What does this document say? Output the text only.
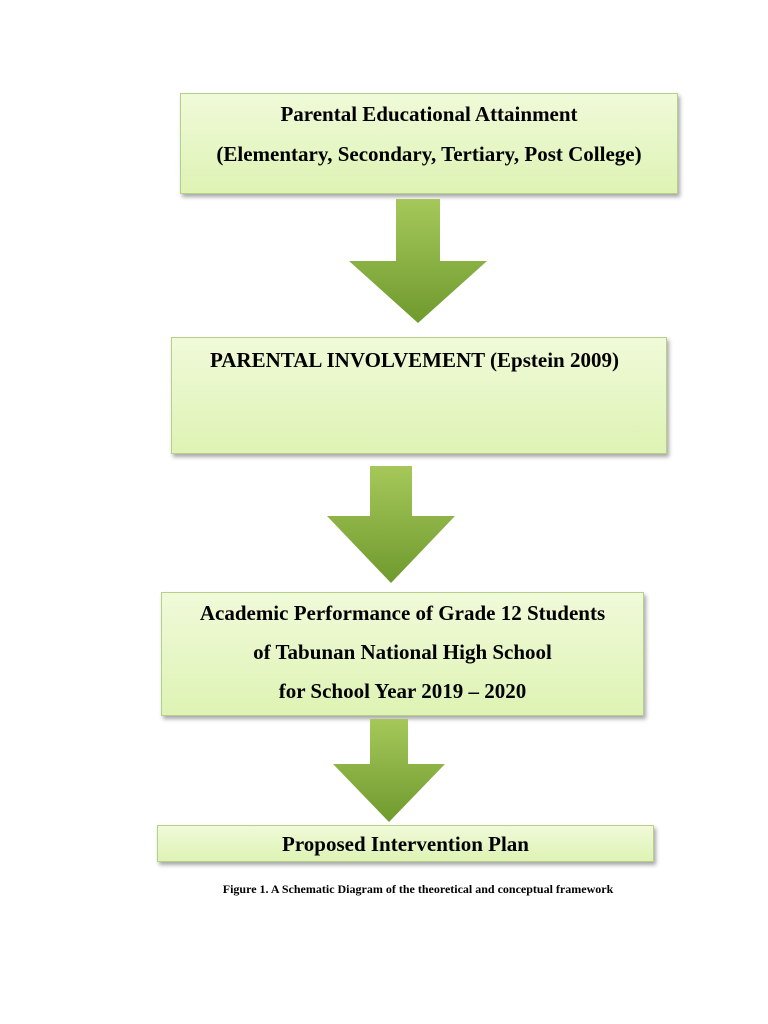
Parental Educational Attainment
(Elementary, Secondary, Tertiary, Post College)
PARENTAL INVOLVEMENT (Epstein 2009)
Academic Performance of Grade 12 Students
of Tabunan National High School
for School Year 2019 – 2020
Proposed Intervention Plan
Figure 1. A Schematic Diagram of the theoretical and conceptual framework
